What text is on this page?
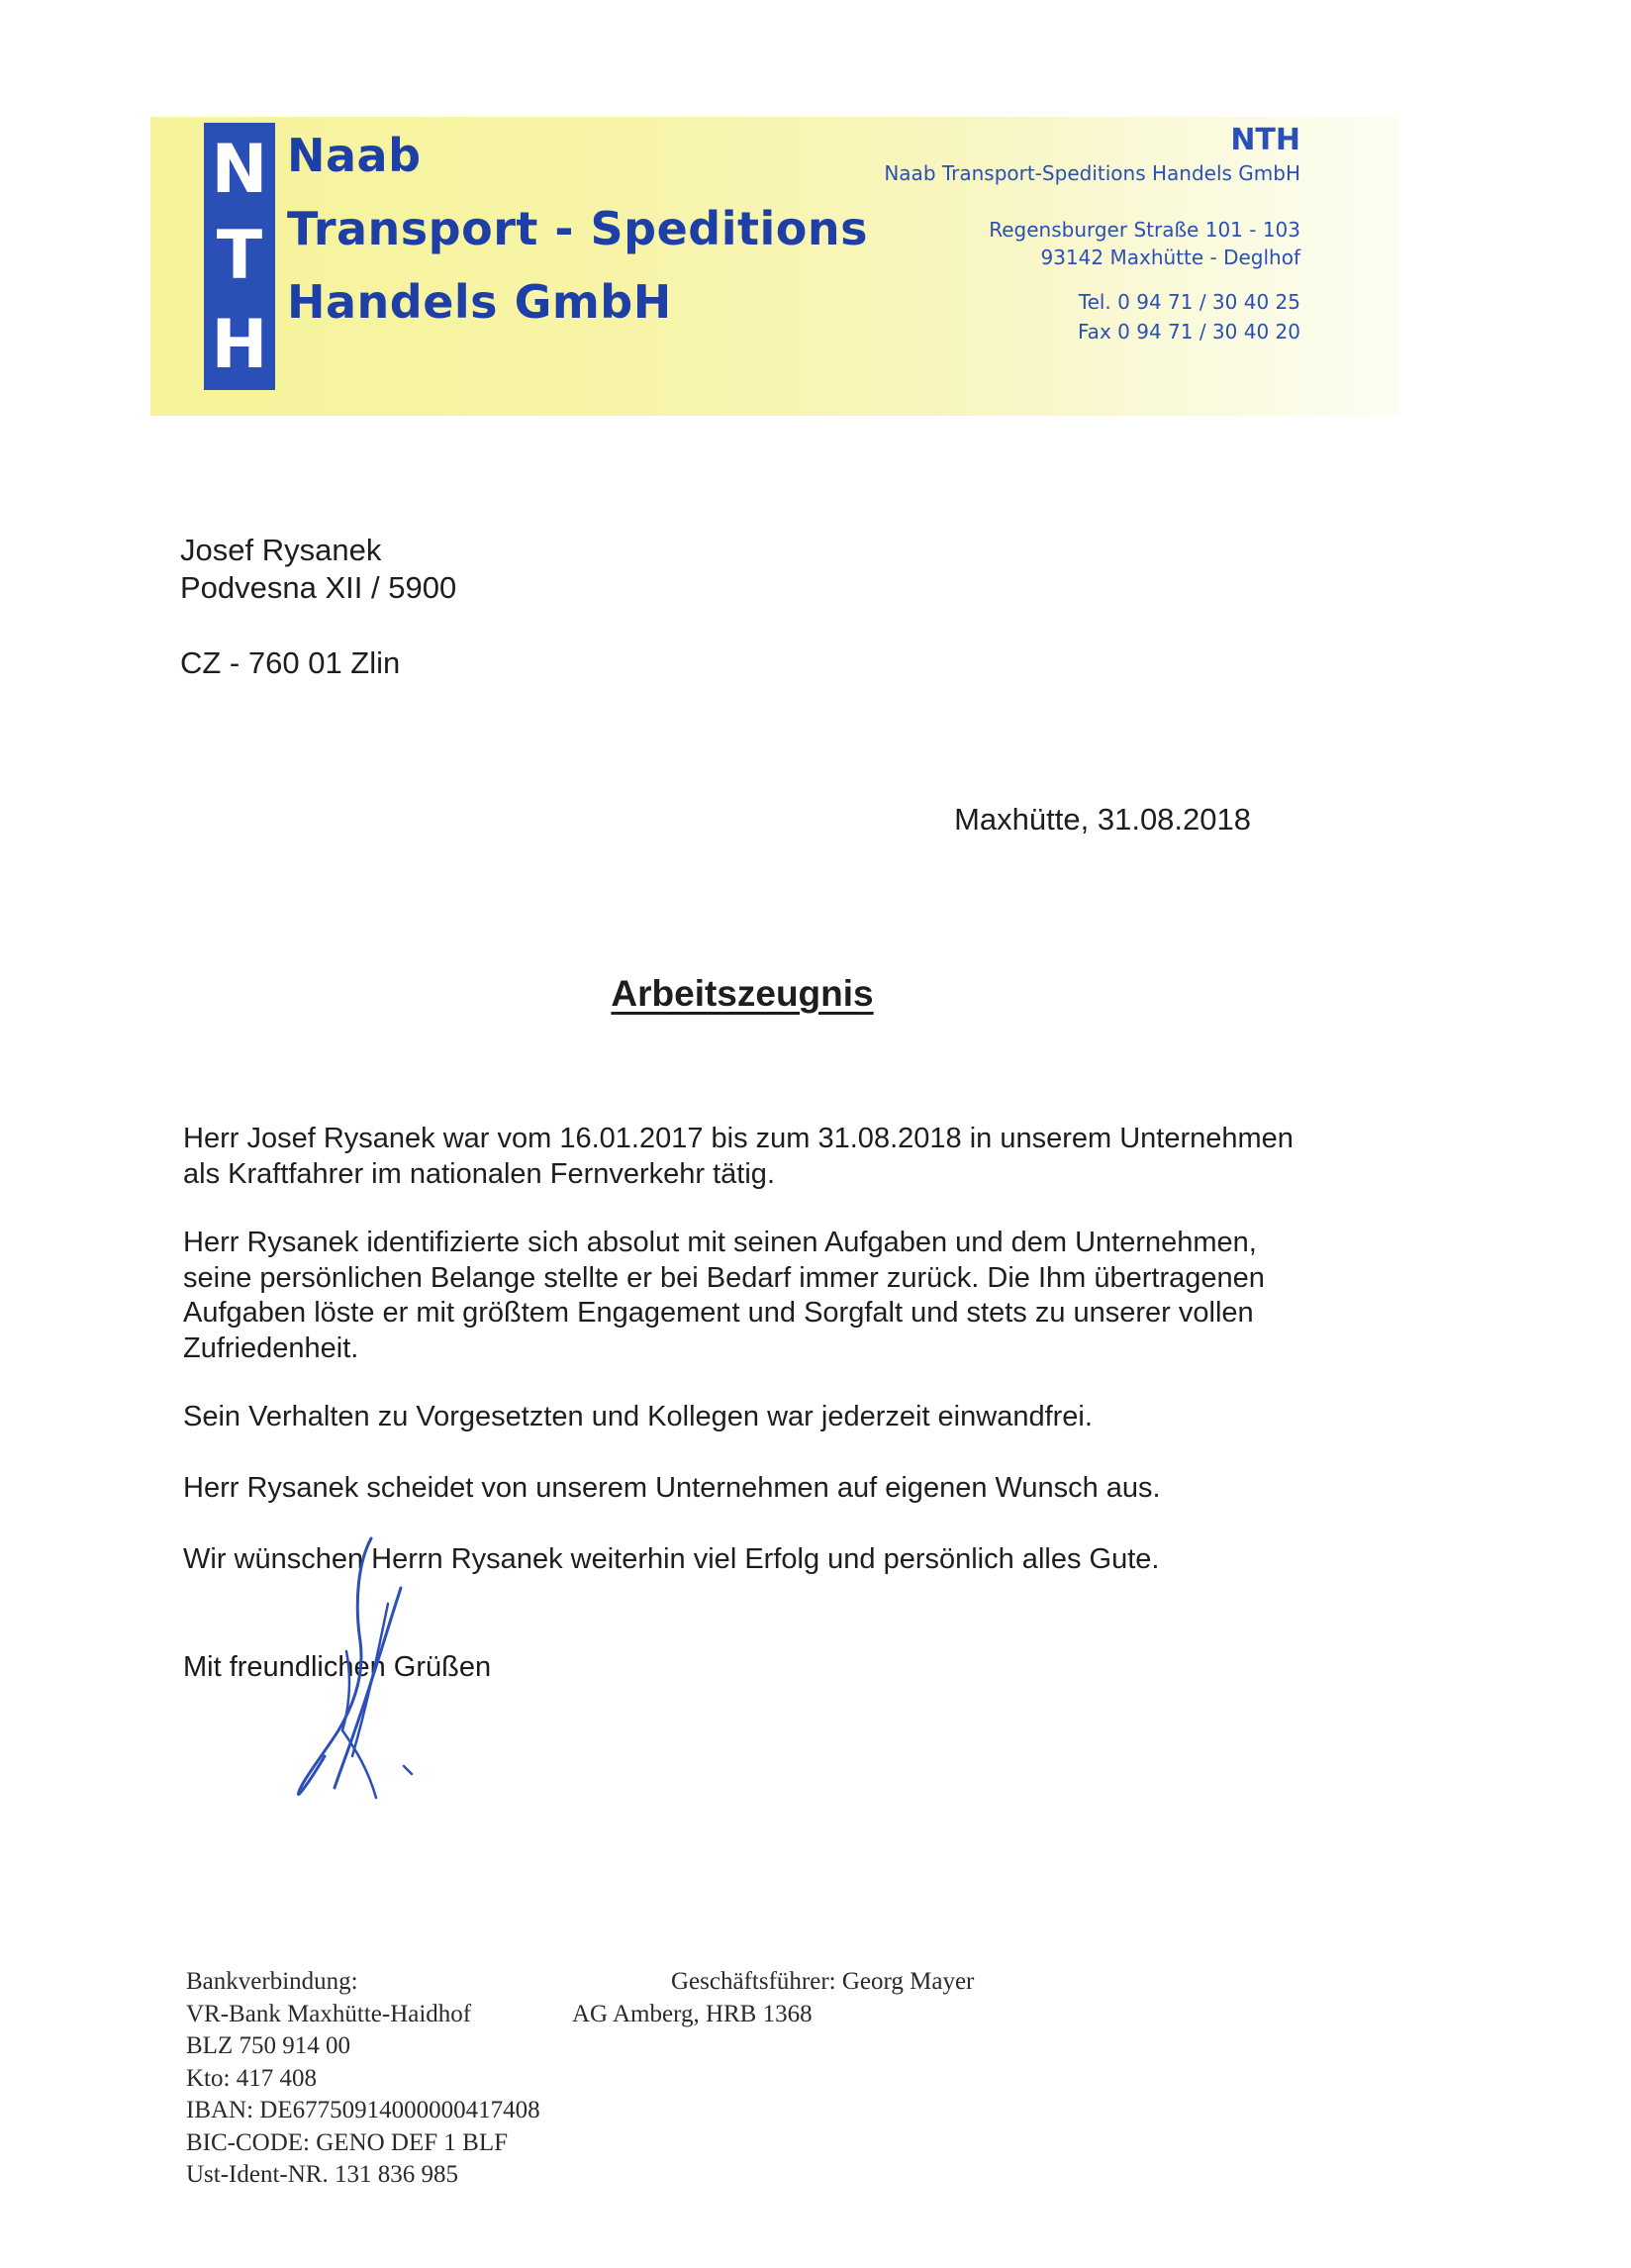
N
T
H
Naab
Transport - Speditions
Handels GmbH
NTH
Naab Transport-Speditions Handels GmbH
Regensburger Straße 101 - 103
93142 Maxhütte - Deglhof
Tel. 0 94 71 / 30 40 25
Fax 0 94 71 / 30 40 20
Josef Rysanek
Podvesna XII / 5900
CZ - 760 01 Zlin
Maxhütte, 31.08.2018
Arbeitszeugnis
Herr Josef Rysanek war vom 16.01.2017 bis zum 31.08.2018 in unserem Unternehmen als Kraftfahrer im nationalen Fernverkehr tätig.
Herr Rysanek identifizierte sich absolut mit seinen Aufgaben und dem Unternehmen, seine persönlichen Belange stellte er bei Bedarf immer zurück. Die Ihm übertragenen Aufgaben löste er mit größtem Engagement und Sorgfalt und stets zu unserer vollen Zufriedenheit.
Sein Verhalten zu Vorgesetzten und Kollegen war jederzeit einwandfrei.
Herr Rysanek scheidet von unserem Unternehmen auf eigenen Wunsch aus.
Wir wünschen Herrn Rysanek weiterhin viel Erfolg und persönlich alles Gute.
Mit freundlichen Grüßen
Bankverbindung:
VR-Bank Maxhütte-Haidhof
BLZ 750 914 00
Kto: 417 408
IBAN: DE67750914000000417408
BIC-CODE: GENO DEF 1 BLF
Ust-Ident-NR. 131 836 985
Geschäftsführer: Georg Mayer
AG Amberg, HRB 1368
